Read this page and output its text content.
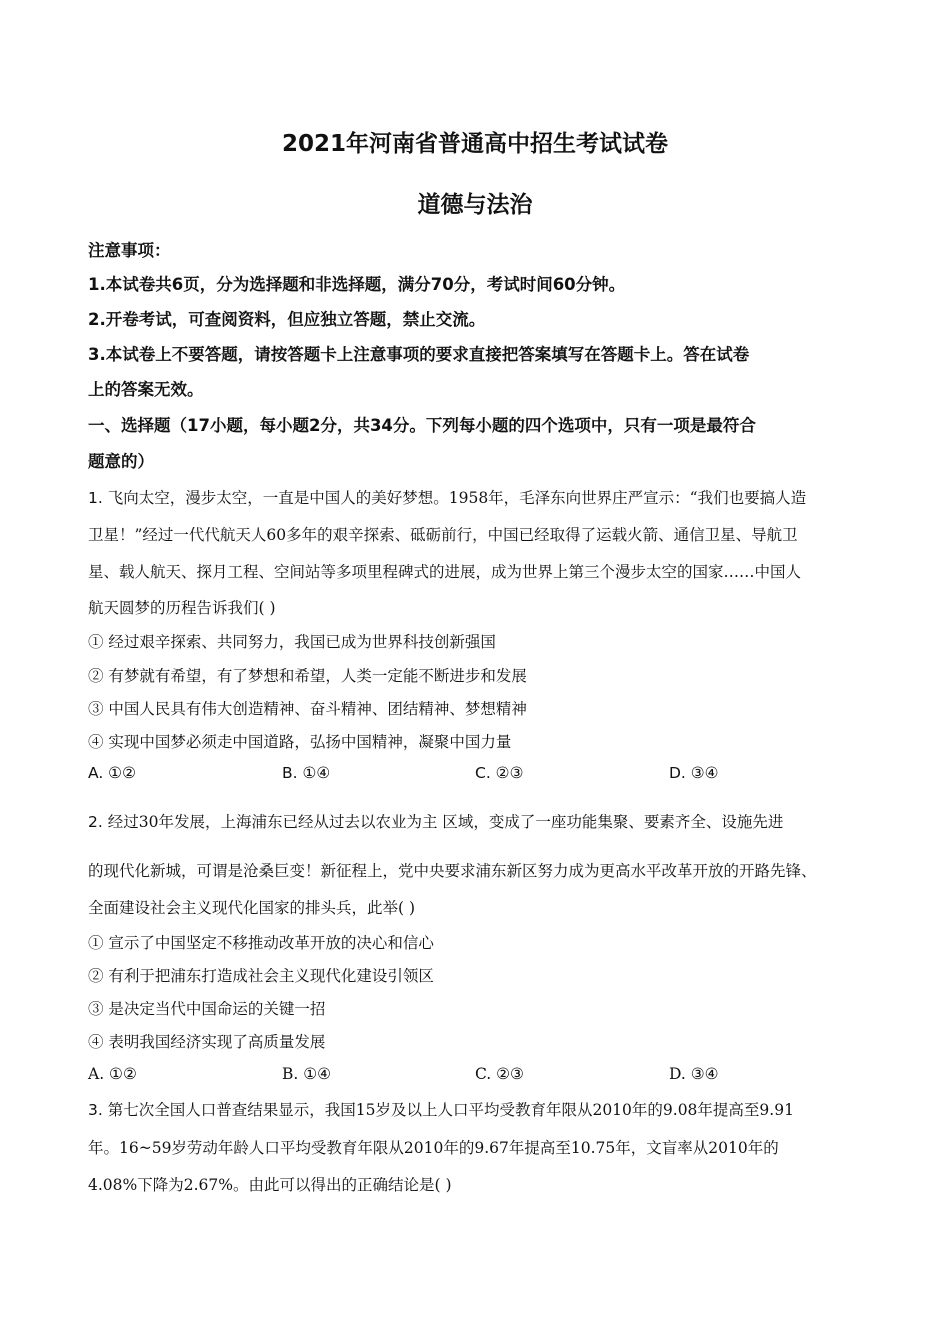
2021年河南省普通高中招生考试试卷
道德与法治
注意事项：
1.本试卷共6页，分为选择题和非选择题，满分70分，考试时间60分钟。
2.开卷考试，可查阅资料，但应独立答题，禁止交流。
3.本试卷上不要答题，请按答题卡上注意事项的要求直接把答案填写在答题卡上。答在试卷
上的答案无效。
一、选择题（17小题，每小题2分，共34分。下列每小题的四个选项中，只有一项是最符合
题意的）
1. 飞向太空，漫步太空，一直是中国人的美好梦想。1958年，毛泽东向世界庄严宣示：“我们也要搞人造
卫星！”经过一代代航天人60多年的艰辛探索、砥砺前行，中国已经取得了运载火箭、通信卫星、导航卫
星、载人航天、探月工程、空间站等多项里程碑式的进展，成为世界上第三个漫步太空的国家……中国人
航天圆梦的历程告诉我们( )
① 经过艰辛探索、共同努力，我国已成为世界科技创新强国
② 有梦就有希望，有了梦想和希望，人类一定能不断进步和发展
③ 中国人民具有伟大创造精神、奋斗精神、团结精神、梦想精神
④ 实现中国梦必须走中国道路，弘扬中国精神，凝聚中国力量
A. ①②	B. ①④	C. ②③	D. ③④
2. 经过30年发展，上海浦东已经从过去以农业为主 区域，变成了一座功能集聚、要素齐全、设施先进
的现代化新城，可谓是沧桑巨变！新征程上，党中央要求浦东新区努力成为更高水平改革开放的开路先锋、
全面建设社会主义现代化国家的排头兵，此举( )
① 宣示了中国坚定不移推动改革开放的决心和信心
② 有利于把浦东打造成社会主义现代化建设引领区
③ 是决定当代中国命运的关键一招
④ 表明我国经济实现了高质量发展
A. ①②	B. ①④	C. ②③	D. ③④
3. 第七次全国人口普查结果显示，我国15岁及以上人口平均受教育年限从2010年的9.08年提高至9.91
年。16~59岁劳动年龄人口平均受教育年限从2010年的9.67年提高至10.75年，文盲率从2010年的
4.08%下降为2.67%。由此可以得出的正确结论是( )
